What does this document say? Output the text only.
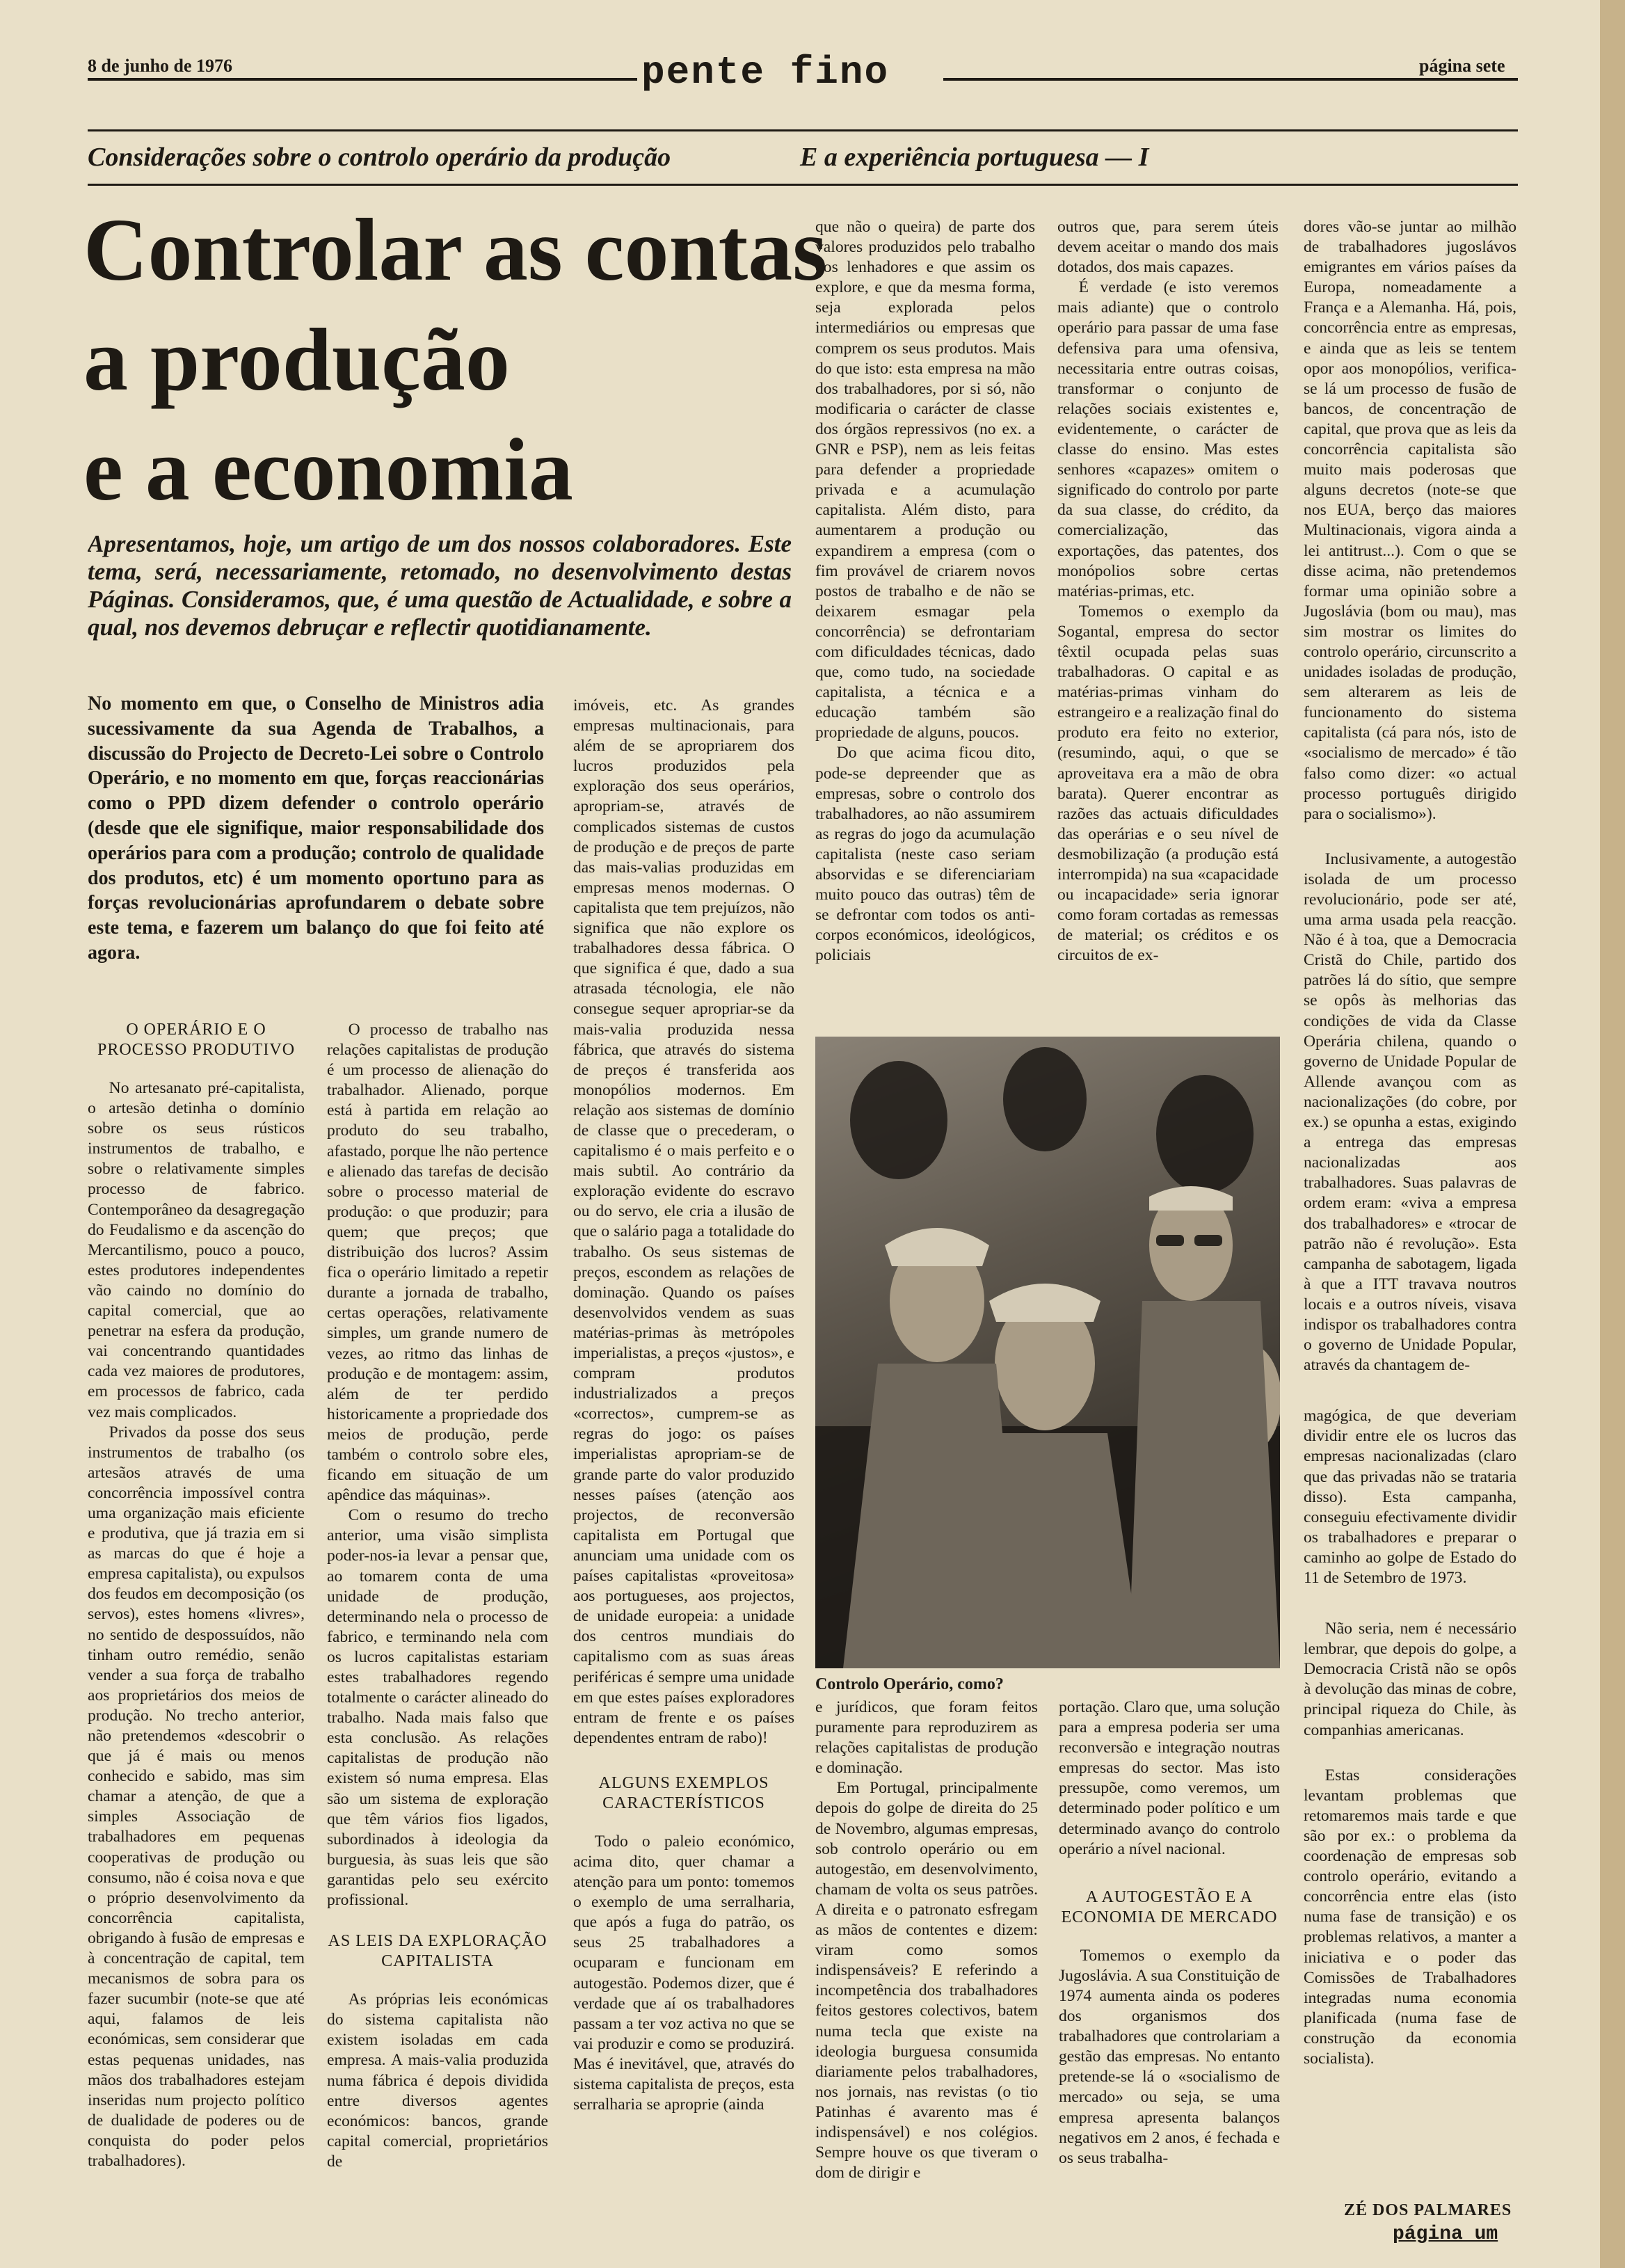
8 de junho de 1976	pente fino	página sete
Considerações sobre o controlo operário da produção	E a experiência portuguesa — I
Controlar as contas
a produção
e a economia
Apresentamos, hoje, um artigo de um dos nossos colaboradores. Este tema, será, necessariamente, retomado, no desenvolvimento destas Páginas. Consideramos, que, é uma questão de Actualidade, e sobre a qual, nos devemos debruçar e reflectir quotidianamente.
No momento em que, o Conselho de Ministros adia sucessivamente da sua Agenda de Trabalhos, a discussão do Projecto de Decreto-Lei sobre o Controlo Operário, e no momento em que, forças reaccionárias como o PPD dizem defender o controlo operário (desde que ele signifique, maior responsabilidade dos operários para com a produção; controlo de qualidade dos produtos, etc) é um momento oportuno para as forças revolucionárias aprofundarem o debate sobre este tema, e fazerem um balanço do que foi feito até agora.
O OPERÁRIO E O PROCESSO PRODUTIVO

No artesanato pré-capitalista, o artesão detinha o domínio sobre os seus rústicos instrumentos de trabalho, e sobre o relativamente simples processo de fabrico. Contemporâneo da desagregação do Feudalismo e da ascenção do Mercantilismo, pouco a pouco, estes produtores independentes vão caindo no domínio do capital comercial, que ao penetrar na esfera da produção, vai concentrando quantidades cada vez maiores de produtores, em processos de fabrico, cada vez mais complicados.

Privados da posse dos seus instrumentos de trabalho (os artesãos através de uma concorrência impossível contra uma organização mais eficiente e produtiva, que já trazia em si as marcas do que é hoje a empresa capitalista), ou expulsos dos feudos em decomposição (os servos), estes homens «livres», no sentido de despossuídos, não tinham outro remédio, senão vender a sua força de trabalho aos proprietários dos meios de produção. No trecho anterior, não pretendemos «descobrir o que já é mais ou menos conhecido e sabido, mas sim chamar a atenção, de que a simples Associação de trabalhadores em pequenas cooperativas de produção ou consumo, não é coisa nova e que o próprio desenvolvimento da concorrência capitalista, obrigando à fusão de empresas e à concentração de capital, tem mecanismos de sobra para os fazer sucumbir (note-se que até aqui, falamos de leis económicas, sem considerar que estas pequenas unidades, nas mãos dos trabalhadores estejam inseridas num projecto político de dualidade de poderes ou de conquista do poder pelos trabalhadores).

O processo de trabalho nas relações capitalistas de produção é um processo de alienação do trabalhador. Alienado, porque está à partida em relação ao produto do seu trabalho, afastado, porque lhe não pertence e alienado das tarefas de decisão sobre o processo material de produção: o que produzir; para quem; que preços; que distribuição dos lucros? Assim fica o operário limitado a repetir durante a jornada de trabalho, certas operações, relativamente simples, um grande numero de vezes, ao ritmo das linhas de produção e de montagem: assim, além de ter perdido historicamente a propriedade dos meios de produção, perde também o controlo sobre eles, ficando em situação de um apêndice das máquinas».

Com o resumo do trecho anterior, uma visão simplista poder-nos-ia levar a pensar que, ao tomarem conta de uma unidade de produção, determinando nela o processo de fabrico, e terminando nela com os lucros capitalistas estariam estes trabalhadores regendo totalmente o carácter alineado do trabalho. Nada mais falso que esta conclusão. As relações capitalistas de produção não existem só numa empresa. Elas são um sistema de exploração que têm vários fios ligados, subordinados à ideologia da burguesia, às suas leis que são garantidas pelo seu exército profissional.

AS LEIS DA EXPLORAÇÃO CAPITALISTA

As próprias leis económicas do sistema capitalista não existem isoladas em cada empresa. A mais-valia produzida numa fábrica é depois dividida entre diversos agentes económicos: bancos, grande capital comercial, proprietários de

imóveis, etc. As grandes empresas multinacionais, para além de se apropriarem dos lucros produzidos pela exploração dos seus operários, apropriam-se, através de complicados sistemas de custos de produção e de preços de parte das mais-valias produzidas em empresas menos modernas. O capitalista que tem prejuízos, não significa que não explore os trabalhadores dessa fábrica. O que significa é que, dado a sua atrasada técnologia, ele não consegue sequer apropriar-se da mais-valia produzida nessa fábrica, que através do sistema de preços é transferida aos monopólios modernos. Em relação aos sistemas de domínio de classe que o precederam, o capitalismo é o mais perfeito e o mais subtil. Ao contrário da exploração evidente do escravo ou do servo, ele cria a ilusão de que o salário paga a totalidade do trabalho. Os seus sistemas de preços, escondem as relações de dominação. Quando os países desenvolvidos vendem as suas matérias-primas às metrópoles imperialistas, a preços «justos», e compram produtos industrializados a preços «correctos», cumprem-se as regras do jogo: os países imperialistas apropriam-se de grande parte do valor produzido nesses países (atenção aos projectos, de reconversão capitalista em Portugal que anunciam uma unidade com os países capitalistas «proveitosa» aos portugueses, aos projectos, de unidade europeia: a unidade dos centros mundiais do capitalismo com as suas áreas periféricas é sempre uma unidade em que estes países exploradores entram de frente e os países dependentes entram de rabo)!

ALGUNS EXEMPLOS CARACTERÍSTICOS

Todo o paleio económico, acima dito, quer chamar a atenção para um ponto: tomemos o exemplo de uma serralharia, que após a fuga do patrão, os seus 25 trabalhadores a ocuparam e funcionam em autogestão. Podemos dizer, que é verdade que aí os trabalhadores passam a ter voz activa no que se vai produzir e como se produzirá. Mas é inevitável, que, através do sistema capitalista de preços, esta serralharia se aproprie (ainda

que não o queira) de parte dos valores produzidos pelo trabalho dos lenhadores e que assim os explore, e que da mesma forma, seja explorada pelos intermediários ou empresas que comprem os seus produtos. Mais do que isto: esta empresa na mão dos trabalhadores, por si só, não modificaria o carácter de classe dos órgãos repressivos (no ex. a GNR e PSP), nem as leis feitas para defender a propriedade privada e a acumulação capitalista. Além disto, para aumentarem a produção ou expandirem a empresa (com o fim provável de criarem novos postos de trabalho e de não se deixarem esmagar pela concorrência) se defrontariam com dificuldades técnicas, dado que, como tudo, na sociedade capitalista, a técnica e a educação também são propriedade de alguns, poucos.

Do que acima ficou dito, pode-se depreender que as empresas, sobre o controlo dos trabalhadores, ao não assumirem as regras do jogo da acumulação capitalista (neste caso seriam absorvidas e se diferenciariam muito pouco das outras) têm de se defrontar com todos os anti-corpos económicos, ideológicos, policiais

outros que, para serem úteis devem aceitar o mando dos mais dotados, dos mais capazes.

É verdade (e isto veremos mais adiante) que o controlo operário para passar de uma fase defensiva para uma ofensiva, necessitaria entre outras coisas, transformar o conjunto de relações sociais existentes e, evidentemente, o carácter de classe do ensino. Mas estes senhores «capazes» omitem o significado do controlo por parte da sua classe, do crédito, da comercialização, das exportações, das patentes, dos monópolios sobre certas matérias-primas, etc.

Tomemos o exemplo da Sogantal, empresa do sector têxtil ocupada pelas suas trabalhadoras. O capital e as matérias-primas vinham do estrangeiro e a realização final do produto era feito no exterior, (resumindo, aqui, o que se aproveitava era a mão de obra barata). Querer encontrar as razões das actuais dificuldades das operárias e o seu nível de desmobilização (a produção está interrompida) na sua «capacidade ou incapacidade» seria ignorar como foram cortadas as remessas de material; os créditos e os circuitos de ex-

Controlo Operário, como?

e jurídicos, que foram feitos puramente para reproduzirem as relações capitalistas de produção e dominação.

Em Portugal, principalmente depois do golpe de direita do 25 de Novembro, algumas empresas, sob controlo operário ou em autogestão, em desenvolvimento, chamam de volta os seus patrões. A direita e o patronato esfregam as mãos de contentes e dizem: viram como somos indispensáveis? E referindo a incompetência dos trabalhadores feitos gestores colectivos, batem numa tecla que existe na ideologia burguesa consumida diariamente pelos trabalhadores, nos jornais, nas revistas (o tio Patinhas é avarento mas é indispensável) e nos colégios. Sempre houve os que tiveram o dom de dirigir e

portação. Claro que, uma solução para a empresa poderia ser uma reconversão e integração noutras empresas do sector. Mas isto pressupõe, como veremos, um determinado poder político e um determinado avanço do controlo operário a nível nacional.

A AUTOGESTÃO E A ECONOMIA DE MERCADO

Tomemos o exemplo da Jugoslávia. A sua Constituição de 1974 aumenta ainda os poderes dos organismos dos trabalhadores que controlariam a gestão das empresas. No entanto pretende-se lá o «socialismo de mercado» ou seja, se uma empresa apresenta balanços negativos em 2 anos, é fechada e os seus trabalha-

dores vão-se juntar ao milhão de trabalhadores jugoslávos emigrantes em vários países da Europa, nomeadamente a França e a Alemanha. Há, pois, concorrência entre as empresas, e ainda que as leis se tentem opor aos monopólios, verifica-se lá um processo de fusão de bancos, de concentração de capital, que prova que as leis da concorrência capitalista são muito mais poderosas que alguns decretos (note-se que nos EUA, berço das maiores Multinacionais, vigora ainda a lei antitrust...). Com o que se disse acima, não pretendemos formar uma opinião sobre a Jugoslávia (bom ou mau), mas sim mostrar os limites do controlo operário, circunscrito a unidades isoladas de produção, sem alterarem as leis de funcionamento do sistema capitalista (cá para nós, isto de «socialismo de mercado» é tão falso como dizer: «o actual processo português dirigido para o socialismo»).

Inclusivamente, a autogestão isolada de um processo revolucionário, pode ser até, uma arma usada pela reacção. Não é à toa, que a Democracia Cristã do Chile, partido dos patrões lá do sítio, que sempre se opôs às melhorias das condições de vida da Classe Operária chilena, quando o governo de Unidade Popular de Allende avançou com as nacionalizações (do cobre, por ex.) se opunha a estas, exigindo a entrega das empresas nacionalizadas aos trabalhadores. Suas palavras de ordem eram: «viva a empresa dos trabalhadores» e «trocar de patrão não é revolução». Esta campanha de sabotagem, ligada à que a ITT travava noutros locais e a outros níveis, visava indispor os trabalhadores contra o governo de Unidade Popular, através da chantagem de-

magógica, de que deveriam dividir entre ele os lucros das empresas nacionalizadas (claro que das privadas não se trataria disso). Esta campanha, conseguiu efectivamente dividir os trabalhadores e preparar o caminho ao golpe de Estado do 11 de Setembro de 1973.

Não seria, nem é necessário lembrar, que depois do golpe, a Democracia Cristã não se opôs à devolução das minas de cobre, principal riqueza do Chile, às companhias americanas.

Estas considerações levantam problemas que retomaremos mais tarde e que são por ex.: o problema da coordenação de empresas sob controlo operário, evitando a concorrência entre elas (isto numa fase de transição) e os problemas relativos, a manter a iniciativa e o poder das Comissões de Trabalhadores integradas numa economia planificada (numa fase de construção da economia socialista).

ZÉ DOS PALMARES
página um
